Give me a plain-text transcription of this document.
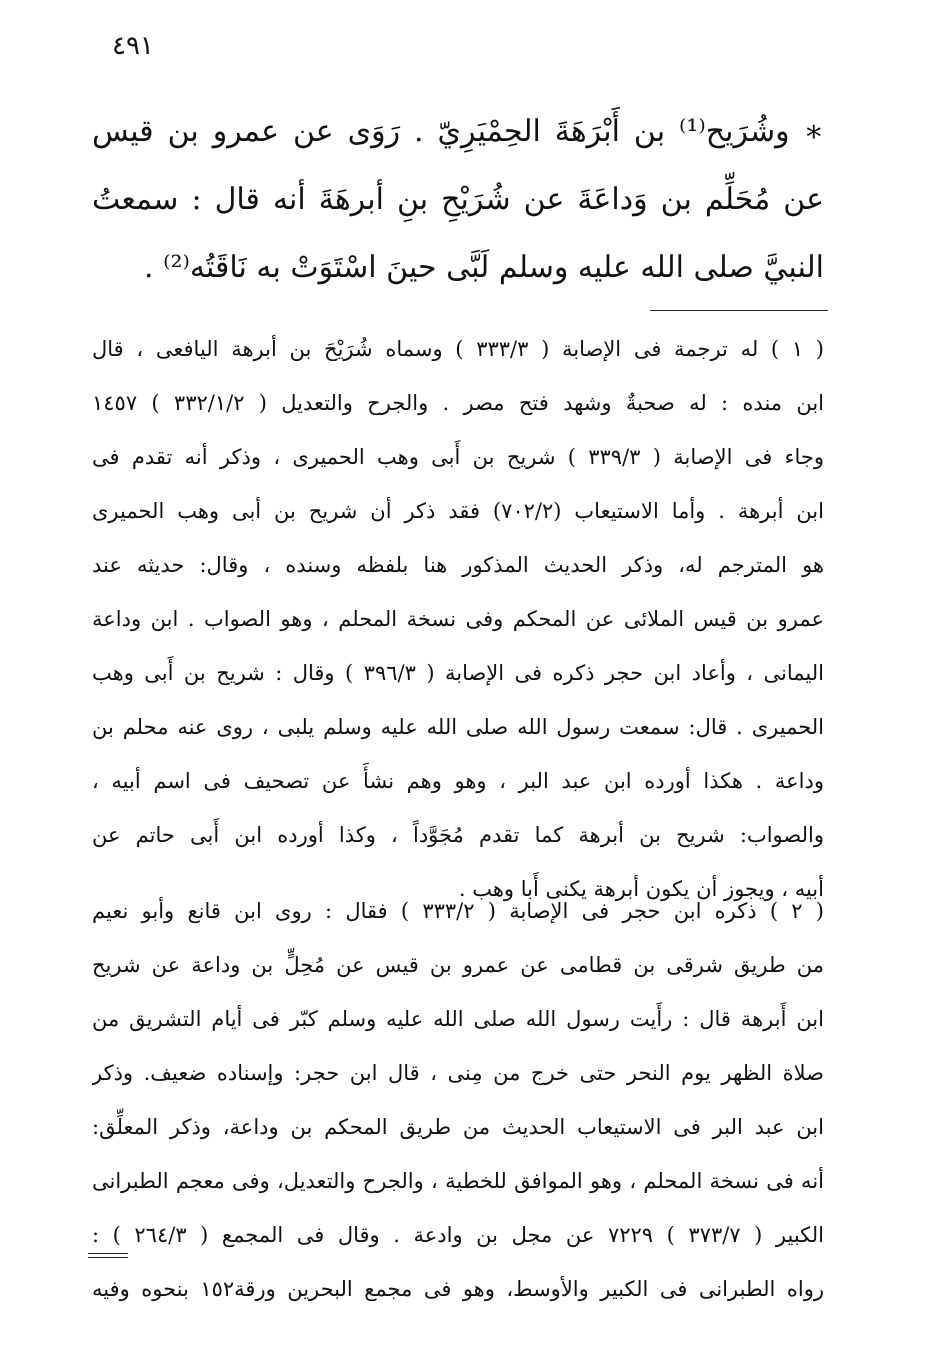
٤٩١
∗ وشُرَيح⁽¹⁾ بن أَبْرَهَةَ الحِمْيَرِيّ . رَوَى عن عمرو بن قيس
عن مُحَلِّم بن وَداعَةَ عن شُرَيْحِ بنِ أبرهَةَ أنه قال : سمعتُ
النبيَّ صلى الله عليه وسلم لَبَّى حينَ اسْتَوَتْ به نَاقَتُه⁽²⁾ .
( ١ ) له ترجمة فى الإصابة ( ٣٣٣/٣ ) وسماه شُرَيْحَ بن أبرهة اليافعى ، قال
ابن منده : له صحبةٌ وشهد فتح مصر . والجرح والتعديل ( ٣٣٢/١/٢ ) ١٤٥٧
وجاء فى الإصابة ( ٣٣٩/٣ ) شريح بن أَبى وهب الحميرى ، وذكر أنه تقدم فى
ابن أبرهة . وأما الاستيعاب (٧٠٢/٢) فقد ذكر أن شريح بن أبى وهب الحميرى
هو المترجم له، وذكر الحديث المذكور هنا بلفظه وسنده ، وقال: حديثه عند
عمرو بن قيس الملائى عن المحكم وفى نسخة المحلم ، وهو الصواب . ابن وداعة
اليمانى ، وأعاد ابن حجر ذكره فى الإصابة ( ٣٩٦/٣ ) وقال : شريح بن أَبى وهب
الحميرى . قال: سمعت رسول الله صلى الله عليه وسلم يلبى ، روى عنه محلم بن
وداعة . هكذا أورده ابن عبد البر ، وهو وهم نشأَ عن تصحيف فى اسم أبيه ،
والصواب: شريح بن أبرهة كما تقدم مُجَوَّداً ، وكذا أورده ابن أَبى حاتم عن
أبيه ، ويجوز أن يكون أبرهة يكنى أَبا وهب .
( ٢ ) ذكره ابن حجر فى الإصابة ( ٣٣٣/٢ ) فقال : روى ابن قانع وأبو نعيم
من طريق شرقى بن قطامى عن عمرو بن قيس عن مُحِلٍّ بن وداعة عن شريح
ابن أَبرهة قال : رأَيت رسول الله صلى الله عليه وسلم كبّر فى أيام التشريق من
صلاة الظهر يوم النحر حتى خرج من مِنى ، قال ابن حجر: وإسناده ضعيف. وذكر
ابن عبد البر فى الاستيعاب الحديث من طريق المحكم بن وداعة، وذكر المعلِّق:
أنه فى نسخة المحلم ، وهو الموافق للخطية ، والجرح والتعديل، وفى معجم الطبرانى
الكبير ( ٣٧٣/٧ ) ٧٢٢٩ عن مجل بن وادعة . وقال فى المجمع ( ٢٦٤/٣ ) :
رواه الطبرانى فى الكبير والأوسط، وهو فى مجمع البحرين ورقة١٥٢ بنحوه وفيه
